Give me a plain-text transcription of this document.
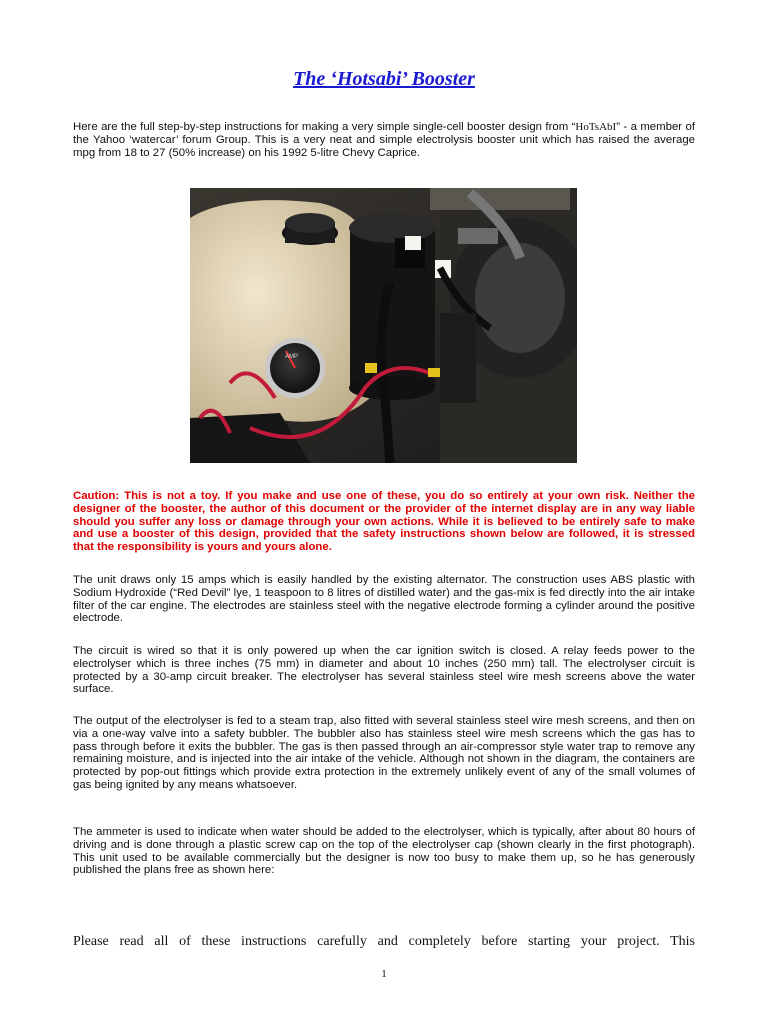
The ‘Hotsabi’ Booster

Here are the full step-by-step instructions for making a very simple single-cell booster design from “HoTsAbI” - a member of the Yahoo ‘watercar’ forum Group. This is a very neat and simple electrolysis booster unit which has raised the average mpg from 18 to 27 (50% increase) on his 1992 5-litre Chevy Caprice.

AMP

Caution: This is not a toy. If you make and use one of these, you do so entirely at your own risk. Neither the designer of the booster, the author of this document or the provider of the internet display are in any way liable should you suffer any loss or damage through your own actions. While it is believed to be entirely safe to make and use a booster of this design, provided that the safety instructions shown below are followed, it is stressed that the responsibility is yours and yours alone.

The unit draws only 15 amps which is easily handled by the existing alternator. The construction uses ABS plastic with Sodium Hydroxide (“Red Devil” lye, 1 teaspoon to 8 litres of distilled water) and the gas-mix is fed directly into the air intake filter of the car engine. The electrodes are stainless steel with the negative electrode forming a cylinder around the positive electrode.

The circuit is wired so that it is only powered up when the car ignition switch is closed. A relay feeds power to the electrolyser which is three inches (75 mm) in diameter and about 10 inches (250 mm) tall. The electrolyser circuit is protected by a 30-amp circuit breaker. The electrolyser has several stainless steel wire mesh screens above the water surface.

The output of the electrolyser is fed to a steam trap, also fitted with several stainless steel wire mesh screens, and then on via a one-way valve into a safety bubbler. The bubbler also has stainless steel wire mesh screens which the gas has to pass through before it exits the bubbler. The gas is then passed through an air-compressor style water trap to remove any remaining moisture, and is injected into the air intake of the vehicle. Although not shown in the diagram, the containers are protected by pop-out fittings which provide extra protection in the extremely unlikely event of any of the small volumes of gas being ignited by any means whatsoever.

The ammeter is used to indicate when water should be added to the electrolyser, which is typically, after about 80 hours of driving and is done through a plastic screw cap on the top of the electrolyser cap (shown clearly in the first photograph). This unit used to be available commercially but the designer is now too busy to make them up, so he has generously published the plans free as shown here:

Please read all of these instructions carefully and completely before starting your project. This

1
